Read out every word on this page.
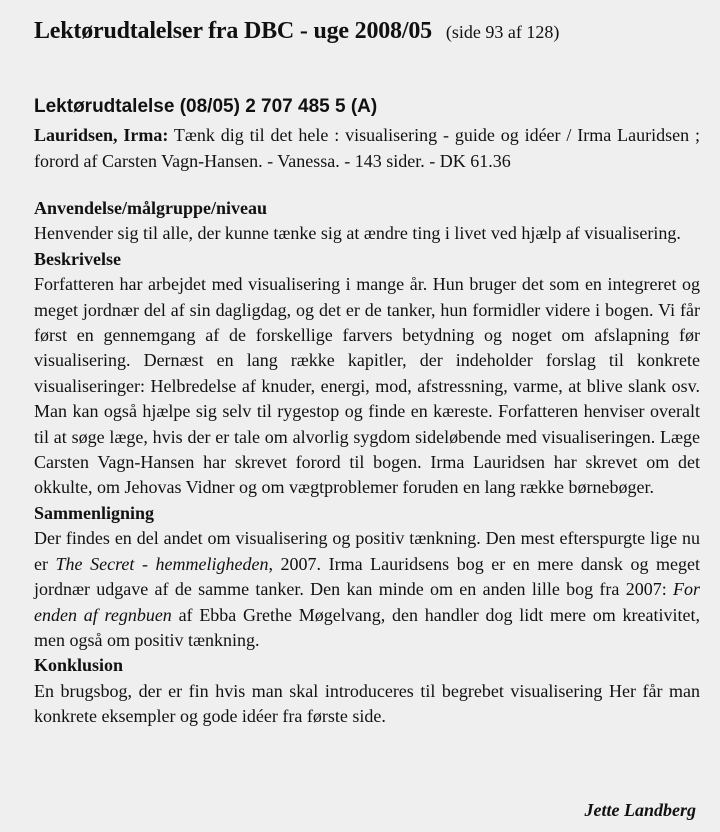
Lektørudtalelser fra DBC - uge 2008/05 (side 93 af 128)
Lektørudtalelse (08/05) 2 707 485 5 (A)
Lauridsen, Irma: Tænk dig til det hele : visualisering - guide og idéer / Irma Lauridsen ; forord af Carsten Vagn-Hansen. - Vanessa. - 143 sider. - DK 61.36
Anvendelse/målgruppe/niveau
Henvender sig til alle, der kunne tænke sig at ændre ting i livet ved hjælp af visualisering.
Beskrivelse
Forfatteren har arbejdet med visualisering i mange år. Hun bruger det som en integreret og meget jordnær del af sin dagligdag, og det er de tanker, hun formidler videre i bogen. Vi får først en gennemgang af de forskellige farvers betydning og noget om afslapning før visualisering. Dernæst en lang række kapitler, der indeholder forslag til konkrete visualiseringer: Helbredelse af knuder, energi, mod, afstressning, varme, at blive slank osv. Man kan også hjælpe sig selv til rygestop og finde en kæreste. Forfatteren henviser overalt til at søge læge, hvis der er tale om alvorlig sygdom sideløbende med visualiseringen. Læge Carsten Vagn-Hansen har skrevet forord til bogen. Irma Lauridsen har skrevet om det okkulte, om Jehovas Vidner og om vægtproblemer foruden en lang række børnebøger.
Sammenligning
Der findes en del andet om visualisering og positiv tænkning. Den mest efterspurgte lige nu er The Secret - hemmeligheden, 2007. Irma Lauridsens bog er en mere dansk og meget jordnær udgave af de samme tanker. Den kan minde om en anden lille bog fra 2007: For enden af regnbuen af Ebba Grethe Møgelvang, den handler dog lidt mere om kreativitet, men også om positiv tænkning.
Konklusion
En brugsbog, der er fin hvis man skal introduceres til begrebet visualisering Her får man konkrete eksempler og gode idéer fra første side.
Jette Landberg
